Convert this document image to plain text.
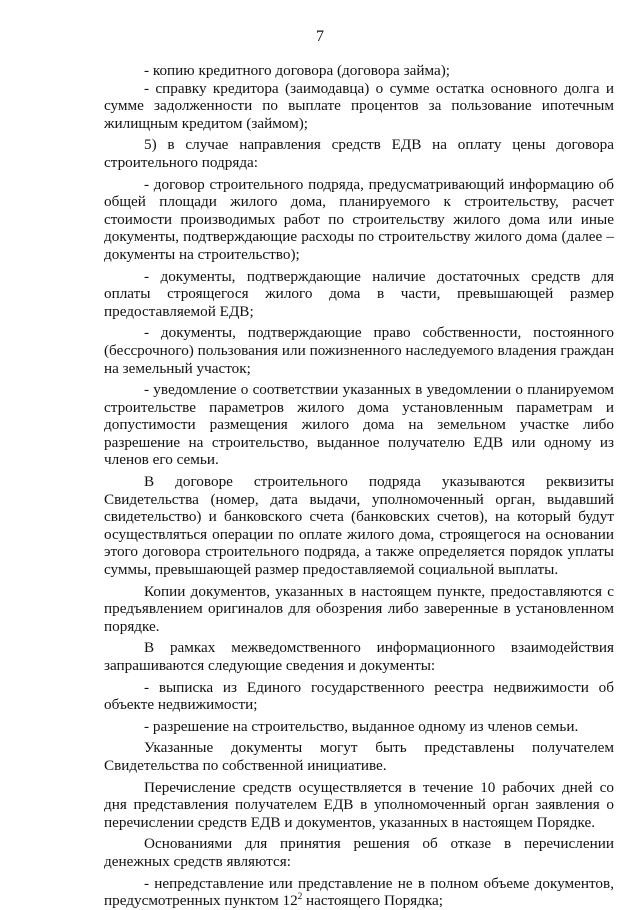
7

- копию кредитного договора (договора займа);

- справку кредитора (заимодавца) о сумме остатка основного долга и сумме задолженности по выплате процентов за пользование ипотечным жилищным кредитом (займом);

5) в случае направления средств ЕДВ на оплату цены договора строительного подряда:

- договор строительного подряда, предусматривающий информацию об общей площади жилого дома, планируемого к строительству, расчет стоимости производимых работ по строительству жилого дома или иные документы, подтверждающие расходы по строительству жилого дома (далее – документы на строительство);

- документы, подтверждающие наличие достаточных средств для оплаты строящегося жилого дома в части, превышающей размер предоставляемой ЕДВ;

- документы, подтверждающие право собственности, постоянного (бессрочного) пользования или пожизненного наследуемого владения граждан на земельный участок;

- уведомление о соответствии указанных в уведомлении о планируемом строительстве параметров жилого дома установленным параметрам и допустимости размещения жилого дома на земельном участке либо разрешение на строительство, выданное получателю ЕДВ или одному из членов его семьи.

В договоре строительного подряда указываются реквизиты Свидетельства (номер, дата выдачи, уполномоченный орган, выдавший свидетельство) и банковского счета (банковских счетов), на который будут осуществляться операции по оплате жилого дома, строящегося на основании этого договора строительного подряда, а также определяется порядок уплаты суммы, превышающей размер предоставляемой социальной выплаты.

Копии документов, указанных в настоящем пункте, предоставляются с предъявлением оригиналов для обозрения либо заверенные в установленном порядке.

В рамках межведомственного информационного взаимодействия запрашиваются следующие сведения и документы:

- выписка из Единого государственного реестра недвижимости об объекте недвижимости;

- разрешение на строительство, выданное одному из членов семьи.

Указанные документы могут быть представлены получателем Свидетельства по собственной инициативе.

Перечисление средств осуществляется в течение 10 рабочих дней со дня представления получателем ЕДВ в уполномоченный орган заявления о перечислении средств ЕДВ и документов, указанных в настоящем Порядке.

Основаниями для принятия решения об отказе в перечислении денежных средств являются:

- непредставление или представление не в полном объеме документов, предусмотренных пунктом $12^2$ настоящего Порядка;
